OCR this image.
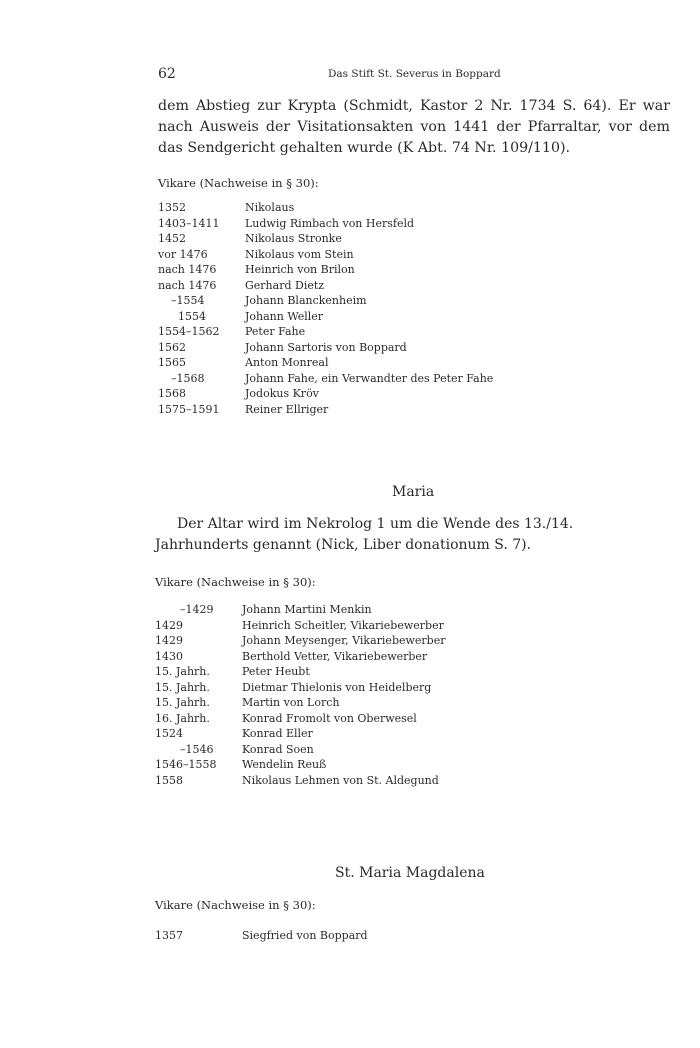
62	Das Stift St. Severus in Boppard

dem Abstieg zur Krypta (Schmidt, Kastor 2 Nr. 1734 S. 64). Er war nach Ausweis der Visitationsakten von 1441 der Pfarraltar, vor dem das Sendgericht gehalten wurde (K Abt. 74 Nr. 109/110).

Vikare (Nachweise in § 30):

1352	Nikolaus
1403–1411 Ludwig Rimbach von Hersfeld
1452	Nikolaus Stronke
vor 1476	Nikolaus vom Stein
nach 1476	Heinrich von Brilon
nach 1476	Gerhard Dietz
–1554	Johann Blanckenheim
1554	Johann Weller
1554–1562 Peter Fahe
1562	Johann Sartoris von Boppard
1565	Anton Monreal
–1568	Johann Fahe, ein Verwandter des Peter Fahe
1568	Jodokus Kröv
1575–1591 Reiner Ellriger

Maria

Der Altar wird im Nekrolog 1 um die Wende des 13./14. Jahrhunderts genannt (Nick, Liber donationum S. 7).

Vikare (Nachweise in § 30):

–1429	Johann Martini Menkin
1429	Heinrich Scheitler, Vikariebewerber
1429	Johann Meysenger, Vikariebewerber
1430	Berthold Vetter, Vikariebewerber
15. Jahrh.	Peter Heubt
15. Jahrh.	Dietmar Thielonis von Heidelberg
15. Jahrh.	Martin von Lorch
16. Jahrh.	Konrad Fromolt von Oberwesel
1524	Konrad Eller
–1546	Konrad Soen
1546–1558 Wendelin Reuß
1558	Nikolaus Lehmen von St. Aldegund

St. Maria Magdalena

Vikare (Nachweise in § 30):

1357	Siegfried von Boppard
